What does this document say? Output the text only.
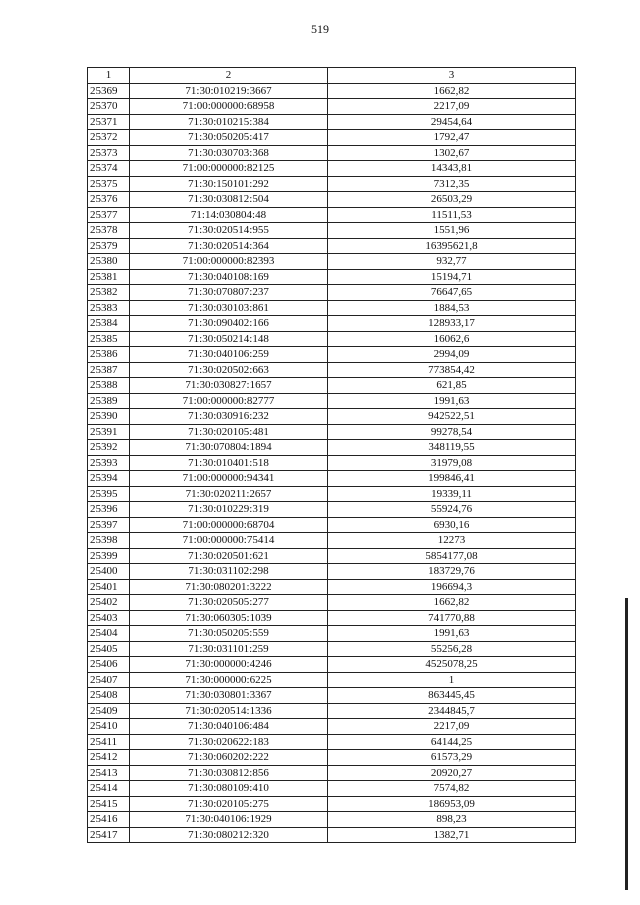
519
1	2	3
25369	71:30:010219:3667	1662,82
25370	71:00:000000:68958	2217,09
25371	71:30:010215:384	29454,64
25372	71:30:050205:417	1792,47
25373	71:30:030703:368	1302,67
25374	71:00:000000:82125	14343,81
25375	71:30:150101:292	7312,35
25376	71:30:030812:504	26503,29
25377	71:14:030804:48	11511,53
25378	71:30:020514:955	1551,96
25379	71:30:020514:364	16395621,8
25380	71:00:000000:82393	932,77
25381	71:30:040108:169	15194,71
25382	71:30:070807:237	76647,65
25383	71:30:030103:861	1884,53
25384	71:30:090402:166	128933,17
25385	71:30:050214:148	16062,6
25386	71:30:040106:259	2994,09
25387	71:30:020502:663	773854,42
25388	71:30:030827:1657	621,85
25389	71:00:000000:82777	1991,63
25390	71:30:030916:232	942522,51
25391	71:30:020105:481	99278,54
25392	71:30:070804:1894	348119,55
25393	71:30:010401:518	31979,08
25394	71:00:000000:94341	199846,41
25395	71:30:020211:2657	19339,11
25396	71:30:010229:319	55924,76
25397	71:00:000000:68704	6930,16
25398	71:00:000000:75414	12273
25399	71:30:020501:621	5854177,08
25400	71:30:031102:298	183729,76
25401	71:30:080201:3222	196694,3
25402	71:30:020505:277	1662,82
25403	71:30:060305:1039	741770,88
25404	71:30:050205:559	1991,63
25405	71:30:031101:259	55256,28
25406	71:30:000000:4246	4525078,25
25407	71:30:000000:6225	1
25408	71:30:030801:3367	863445,45
25409	71:30:020514:1336	2344845,7
25410	71:30:040106:484	2217,09
25411	71:30:020622:183	64144,25
25412	71:30:060202:222	61573,29
25413	71:30:030812:856	20920,27
25414	71:30:080109:410	7574,82
25415	71:30:020105:275	186953,09
25416	71:30:040106:1929	898,23
25417	71:30:080212:320	1382,71
